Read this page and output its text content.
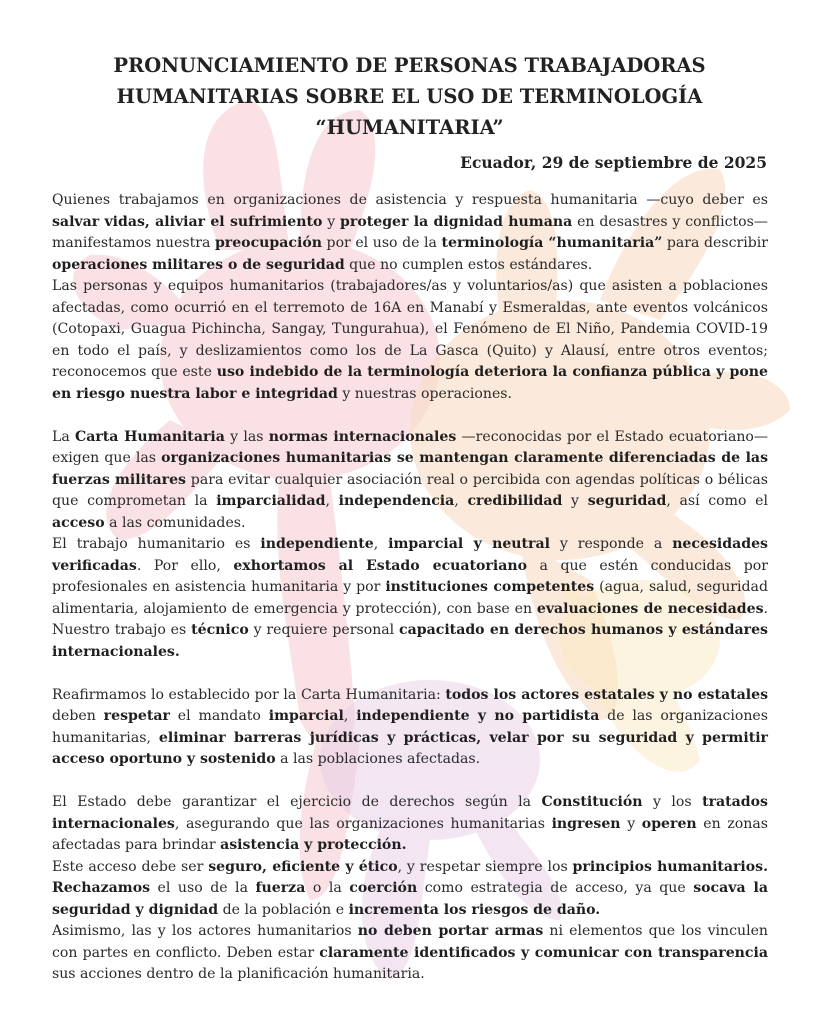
PRONUNCIAMIENTO DE PERSONAS TRABAJADORAS
HUMANITARIAS SOBRE EL USO DE TERMINOLOGÍA
“HUMANITARIA”

Ecuador, 29 de septiembre de 2025

Quienes trabajamos en organizaciones de asistencia y respuesta humanitaria —cuyo deber es salvar vidas, aliviar el sufrimiento y proteger la dignidad humana en desastres y conflictos— manifestamos nuestra preocupación por el uso de la terminología “humanitaria” para describir operaciones militares o de seguridad que no cumplen estos estándares.

Las personas y equipos humanitarios (trabajadores/as y voluntarios/as) que asisten a poblaciones afectadas, como ocurrió en el terremoto de 16A en Manabí y Esmeraldas, ante eventos volcánicos (Cotopaxi, Guagua Pichincha, Sangay, Tungurahua), el Fenómeno de El Niño, Pandemia COVID-19 en todo el país, y deslizamientos como los de La Gasca (Quito) y Alausí, entre otros eventos; reconocemos que este uso indebido de la terminología deteriora la confianza pública y pone en riesgo nuestra labor e integridad y nuestras operaciones.

La Carta Humanitaria y las normas internacionales —reconocidas por el Estado ecuatoriano— exigen que las organizaciones humanitarias se mantengan claramente diferenciadas de las fuerzas militares para evitar cualquier asociación real o percibida con agendas políticas o bélicas que comprometan la imparcialidad, independencia, credibilidad y seguridad, así como el acceso a las comunidades.

El trabajo humanitario es independiente, imparcial y neutral y responde a necesidades verificadas. Por ello, exhortamos al Estado ecuatoriano a que estén conducidas por profesionales en asistencia humanitaria y por instituciones competentes (agua, salud, seguridad alimentaria, alojamiento de emergencia y protección), con base en evaluaciones de necesidades. Nuestro trabajo es técnico y requiere personal capacitado en derechos humanos y estándares internacionales.

Reafirmamos lo establecido por la Carta Humanitaria: todos los actores estatales y no estatales deben respetar el mandato imparcial, independiente y no partidista de las organizaciones humanitarias, eliminar barreras jurídicas y prácticas, velar por su seguridad y permitir acceso oportuno y sostenido a las poblaciones afectadas.

El Estado debe garantizar el ejercicio de derechos según la Constitución y los tratados internacionales, asegurando que las organizaciones humanitarias ingresen y operen en zonas afectadas para brindar asistencia y protección.

Este acceso debe ser seguro, eficiente y ético, y respetar siempre los principios humanitarios. Rechazamos el uso de la fuerza o la coerción como estrategia de acceso, ya que socava la seguridad y dignidad de la población e incrementa los riesgos de daño.

Asimismo, las y los actores humanitarios no deben portar armas ni elementos que los vinculen con partes en conflicto. Deben estar claramente identificados y comunicar con transparencia sus acciones dentro de la planificación humanitaria.
